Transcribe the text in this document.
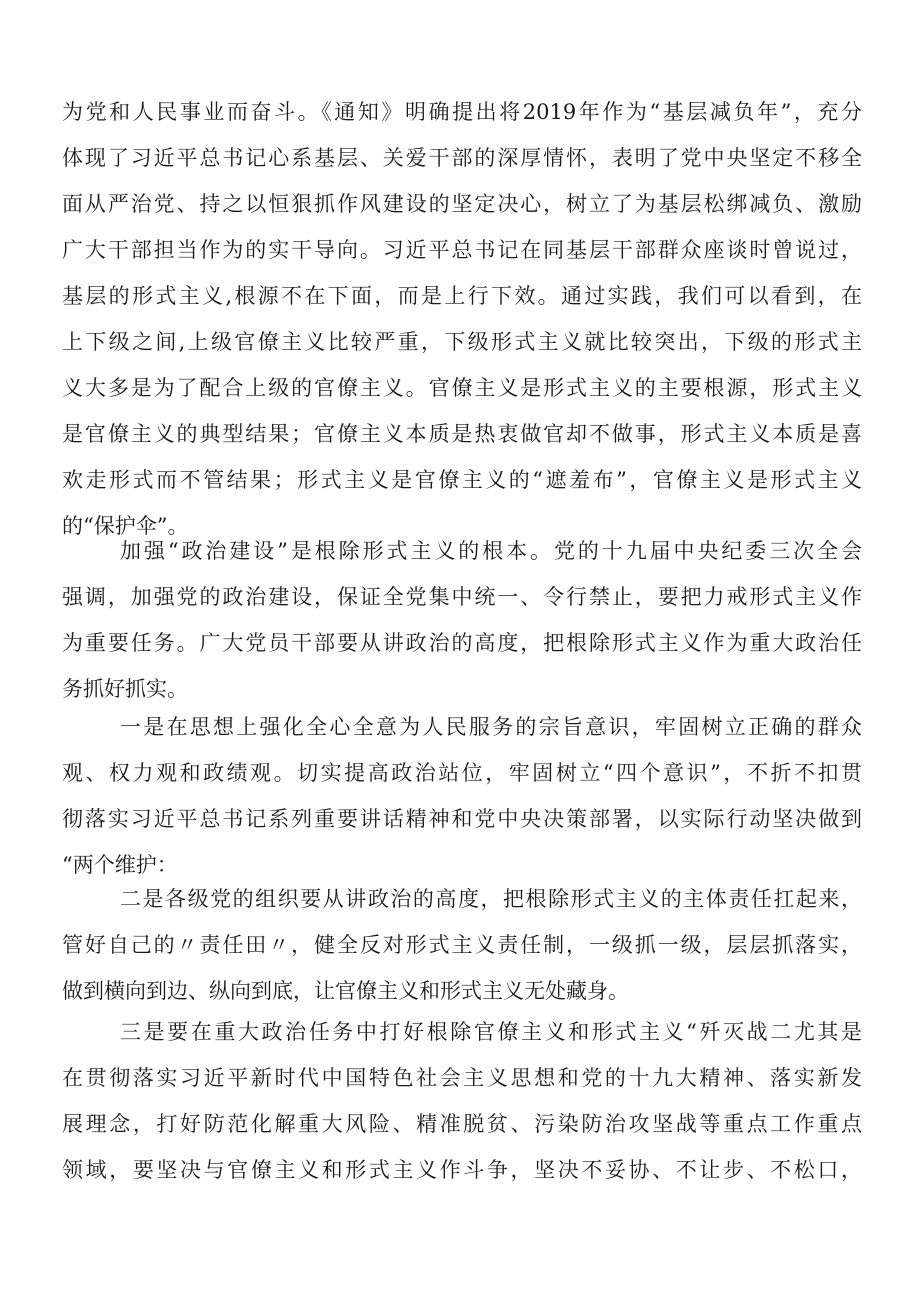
为党和人民事业而奋斗。《通知》明确提出将2019年作为“基层减负年”，充分
体现了习近平总书记心系基层、关爱干部的深厚情怀，表明了党中央坚定不移全
面从严治党、持之以恒狠抓作风建设的坚定决心，树立了为基层松绑减负、激励
广大干部担当作为的实干导向。习近平总书记在同基层干部群众座谈时曾说过，
基层的形式主义,根源不在下面，而是上行下效。通过实践，我们可以看到，在
上下级之间,上级官僚主义比较严重，下级形式主义就比较突出，下级的形式主
义大多是为了配合上级的官僚主义。官僚主义是形式主义的主要根源，形式主义
是官僚主义的典型结果；官僚主义本质是热衷做官却不做事，形式主义本质是喜
欢走形式而不管结果；形式主义是官僚主义的“遮羞布”，官僚主义是形式主义
的“保护伞”。
加强“政治建设”是根除形式主义的根本。党的十九届中央纪委三次全会
强调，加强党的政治建设，保证全党集中统一、令行禁止，要把力戒形式主义作
为重要任务。广大党员干部要从讲政治的高度，把根除形式主义作为重大政治任
务抓好抓实。
一是在思想上强化全心全意为人民服务的宗旨意识，牢固树立正确的群众
观、权力观和政绩观。切实提高政治站位，牢固树立“四个意识”，不折不扣贯
彻落实习近平总书记系列重要讲话精神和党中央决策部署，以实际行动坚决做到
“两个维护：
二是各级党的组织要从讲政治的高度，把根除形式主义的主体责任扛起来，
管好自己的〃责任田〃，健全反对形式主义责任制，一级抓一级，层层抓落实，
做到横向到边、纵向到底，让官僚主义和形式主义无处藏身。
三是要在重大政治任务中打好根除官僚主义和形式主义“歼灭战二尤其是
在贯彻落实习近平新时代中国特色社会主义思想和党的十九大精神、落实新发
展理念，打好防范化解重大风险、精准脱贫、污染防治攻坚战等重点工作重点
领域，要坚决与官僚主义和形式主义作斗争，坚决不妥协、不让步、不松口，
